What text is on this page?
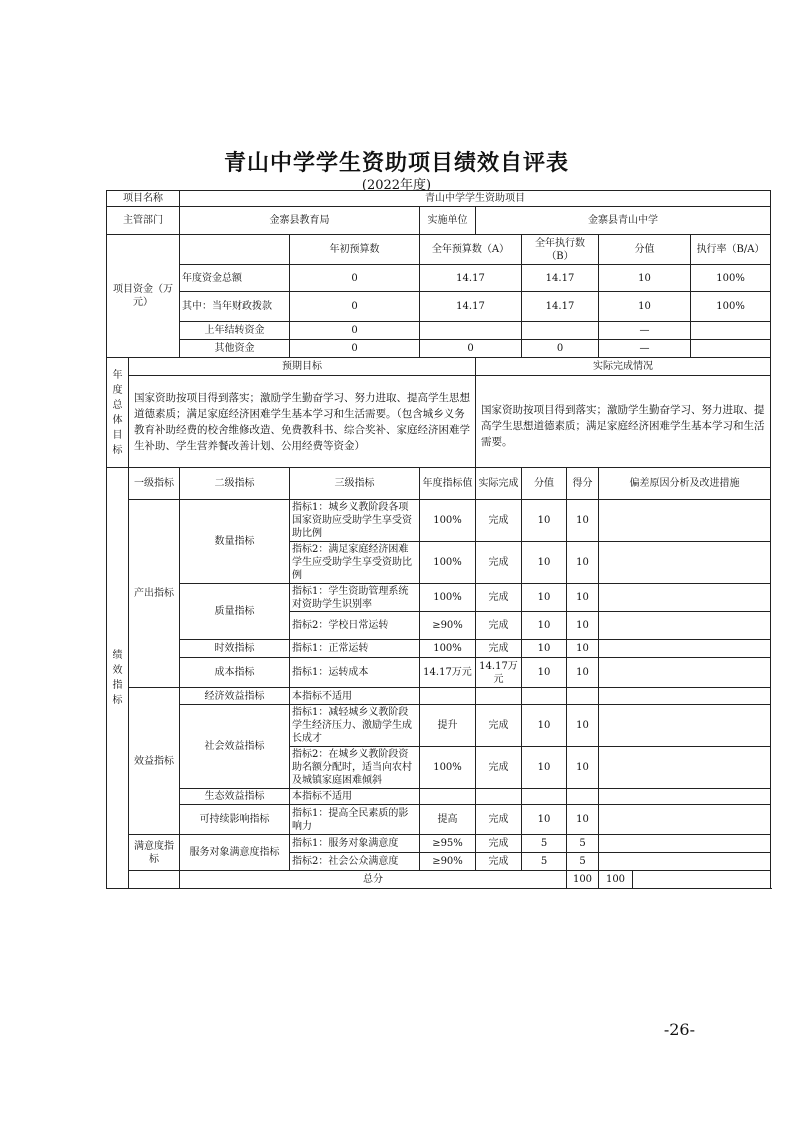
青山中学学生资助项目绩效自评表
(2022年度)
项目名称		青山中学学生资助项目									
主管部门		金寨县教育局		实施单位	金寨县青山中学						
项目资金（万元）			年初预算数	全年预算数（A）		全年执行数（B）		分值		执行率（B/A）	
		年度资金总额	0	14.17		14.17		10		100%	
		其中：当年财政拨款	0	14.17		14.17		10		100%	
		上年结转资金	0					—		
		其他资金	0	0		0		—		
年度总体目标	预期目标				实际完成情况						
	国家资助按项目得到落实；激励学生勤奋学习、努力进取、提高学生思想道德素质；满足家庭经济困难学生基本学习和生活需要。（包含城乡义务教育补助经费的校舍维修改造、免费教科书、综合奖补、家庭经济困难学生补助、学生营养餐改善计划、公用经费等资金）				国家资助按项目得到落实；激励学生勤奋学习、努力进取、提高学生思想道德素质；满足家庭经济困难学生基本学习和生活需要。						
绩效指标	一级指标	二级指标	三级指标	年度指标值	实际完成	分值	得分	偏差原因分析及改进措施			
	产出指标	数量指标	指标1：城乡义教阶段各项国家资助应受助学生享受资助比例	100%	完成	10	10				
			指标2：满足家庭经济困难学生应受助学生享受资助比例	100%	完成	10	10				
		质量指标	指标1：学生资助管理系统对资助学生识别率	100%	完成	10	10				
			指标2：学校日常运转	≥90%	完成	10	10				
		时效指标	指标1：正常运转	100%	完成	10	10				
		成本指标	指标1：运转成本	14.17万元	14.17万元	10	10				
	效益指标	经济效益指标	本指标不适用								
		社会效益指标	指标1：减轻城乡义教阶段学生经济压力、激励学生成长成才	提升	完成	10	10				
			指标2：在城乡义教阶段资助名额分配时，适当向农村及城镇家庭困难倾斜	100%	完成	10	10				
		生态效益指标	本指标不适用								
		可持续影响指标	指标1：提高全民素质的影响力	提高	完成	10	10				
	满意度指标	服务对象满意度指标	指标1：服务对象满意度	≥95%	完成	5	5				
			指标2：社会公众满意度	≥90%	完成	5	5				
		总分					100	100			
-26-
